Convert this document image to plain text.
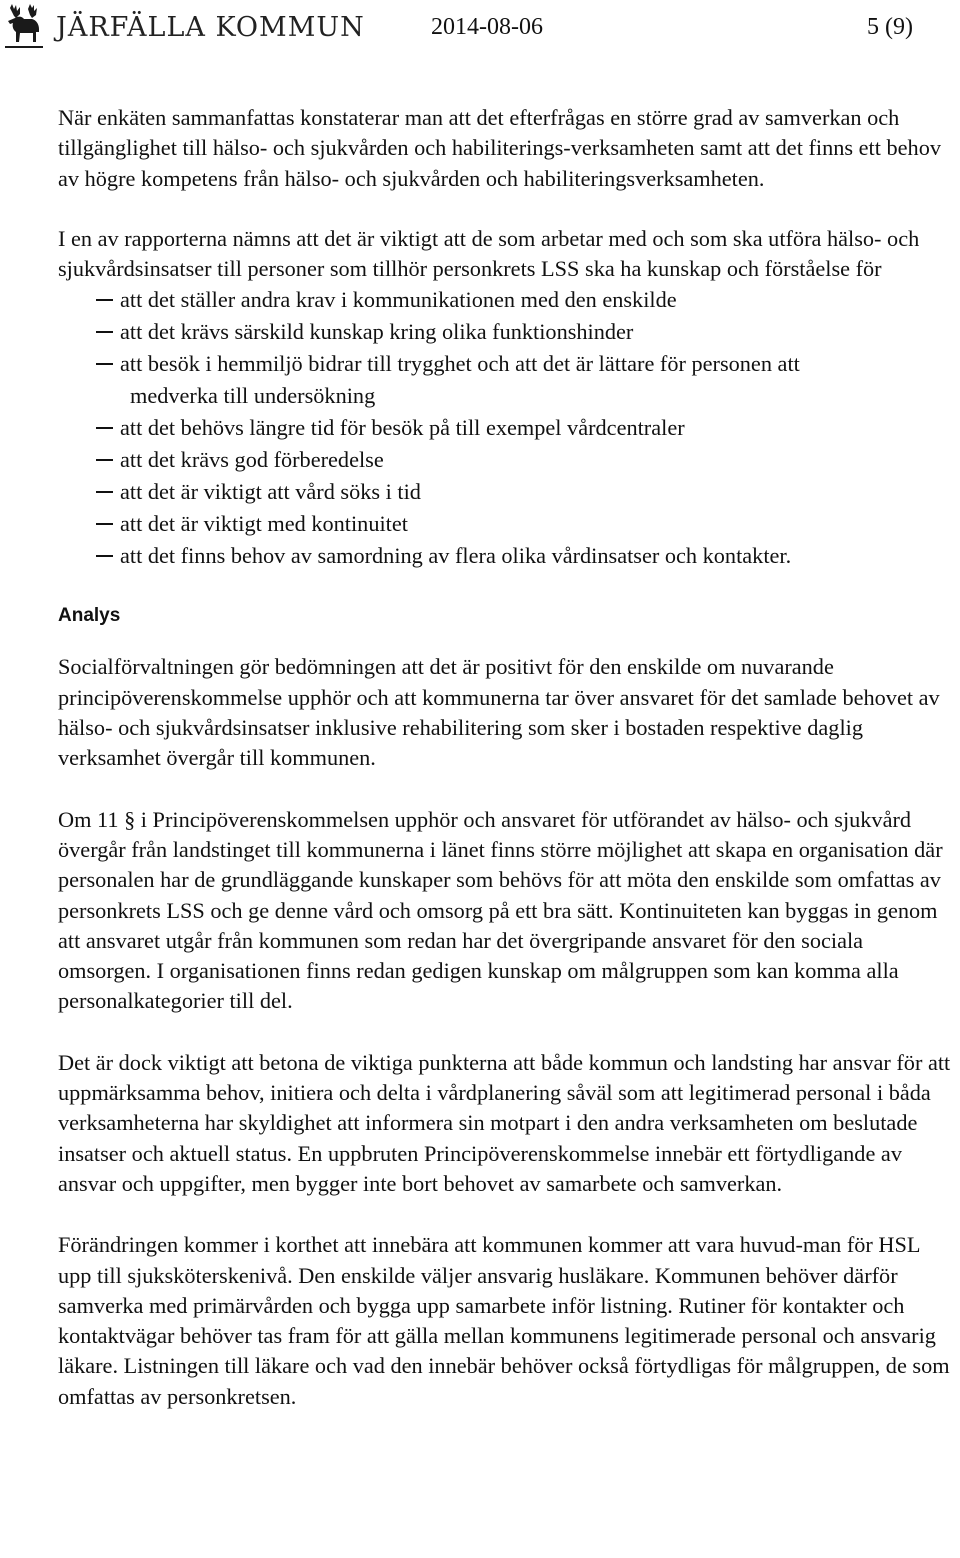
JÄRFÄLLA KOMMUN	2014-08-06	5 (9)

När enkäten sammanfattas konstaterar man att det efterfrågas en större grad av samverkan och tillgänglighet till hälso- och sjukvården och habiliterings-verksamheten samt att det finns ett behov av högre kompetens från hälso- och sjukvården och habiliteringsverksamheten.

I en av rapporterna nämns att det är viktigt att de som arbetar med och som ska utföra hälso- och sjukvårdsinsatser till personer som tillhör personkrets LSS ska ha kunskap och förståelse för

att det ställer andra krav i kommunikationen med den enskilde
att det krävs särskild kunskap kring olika funktionshinder
att besök i hemmiljö bidrar till trygghet och att det är lättare för personen att
medverka till undersökning
att det behövs längre tid för besök på till exempel vårdcentraler
att det krävs god förberedelse
att det är viktigt att vård söks i tid
att det är viktigt med kontinuitet
att det finns behov av samordning av flera olika vårdinsatser och kontakter.
Analys

Socialförvaltningen gör bedömningen att det är positivt för den enskilde om nuvarande principöverenskommelse upphör och att kommunerna tar över ansvaret för det samlade behovet av hälso- och sjukvårdsinsatser inklusive rehabilitering som sker i bostaden respektive daglig verksamhet övergår till kommunen.

Om 11 § i Principöverenskommelsen upphör och ansvaret för utförandet av hälso- och sjukvård övergår från landstinget till kommunerna i länet finns större möjlighet att skapa en organisation där personalen har de grundläggande kunskaper som behövs för att möta den enskilde som omfattas av personkrets LSS och ge denne vård och omsorg på ett bra sätt. Kontinuiteten kan byggas in genom att ansvaret utgår från kommunen som redan har det övergripande ansvaret för den sociala omsorgen. I organisationen finns redan gedigen kunskap om målgruppen som kan komma alla personalkategorier till del.

Det är dock viktigt att betona de viktiga punkterna att både kommun och landsting har ansvar för att uppmärksamma behov, initiera och delta i vårdplanering såväl som att legitimerad personal i båda verksamheterna har skyldighet att informera sin motpart i den andra verksamheten om beslutade insatser och aktuell status. En uppbruten Principöverenskommelse innebär ett förtydligande av ansvar och uppgifter, men bygger inte bort behovet av samarbete och samverkan.

Förändringen kommer i korthet att innebära att kommunen kommer att vara huvud-man för HSL upp till sjuksköterskenivå. Den enskilde väljer ansvarig husläkare. Kommunen behöver därför samverka med primärvården och bygga upp samarbete inför listning. Rutiner för kontakter och kontaktvägar behöver tas fram för att gälla mellan kommunens legitimerade personal och ansvarig läkare. Listningen till läkare och vad den innebär behöver också förtydligas för målgruppen, de som omfattas av personkretsen.
